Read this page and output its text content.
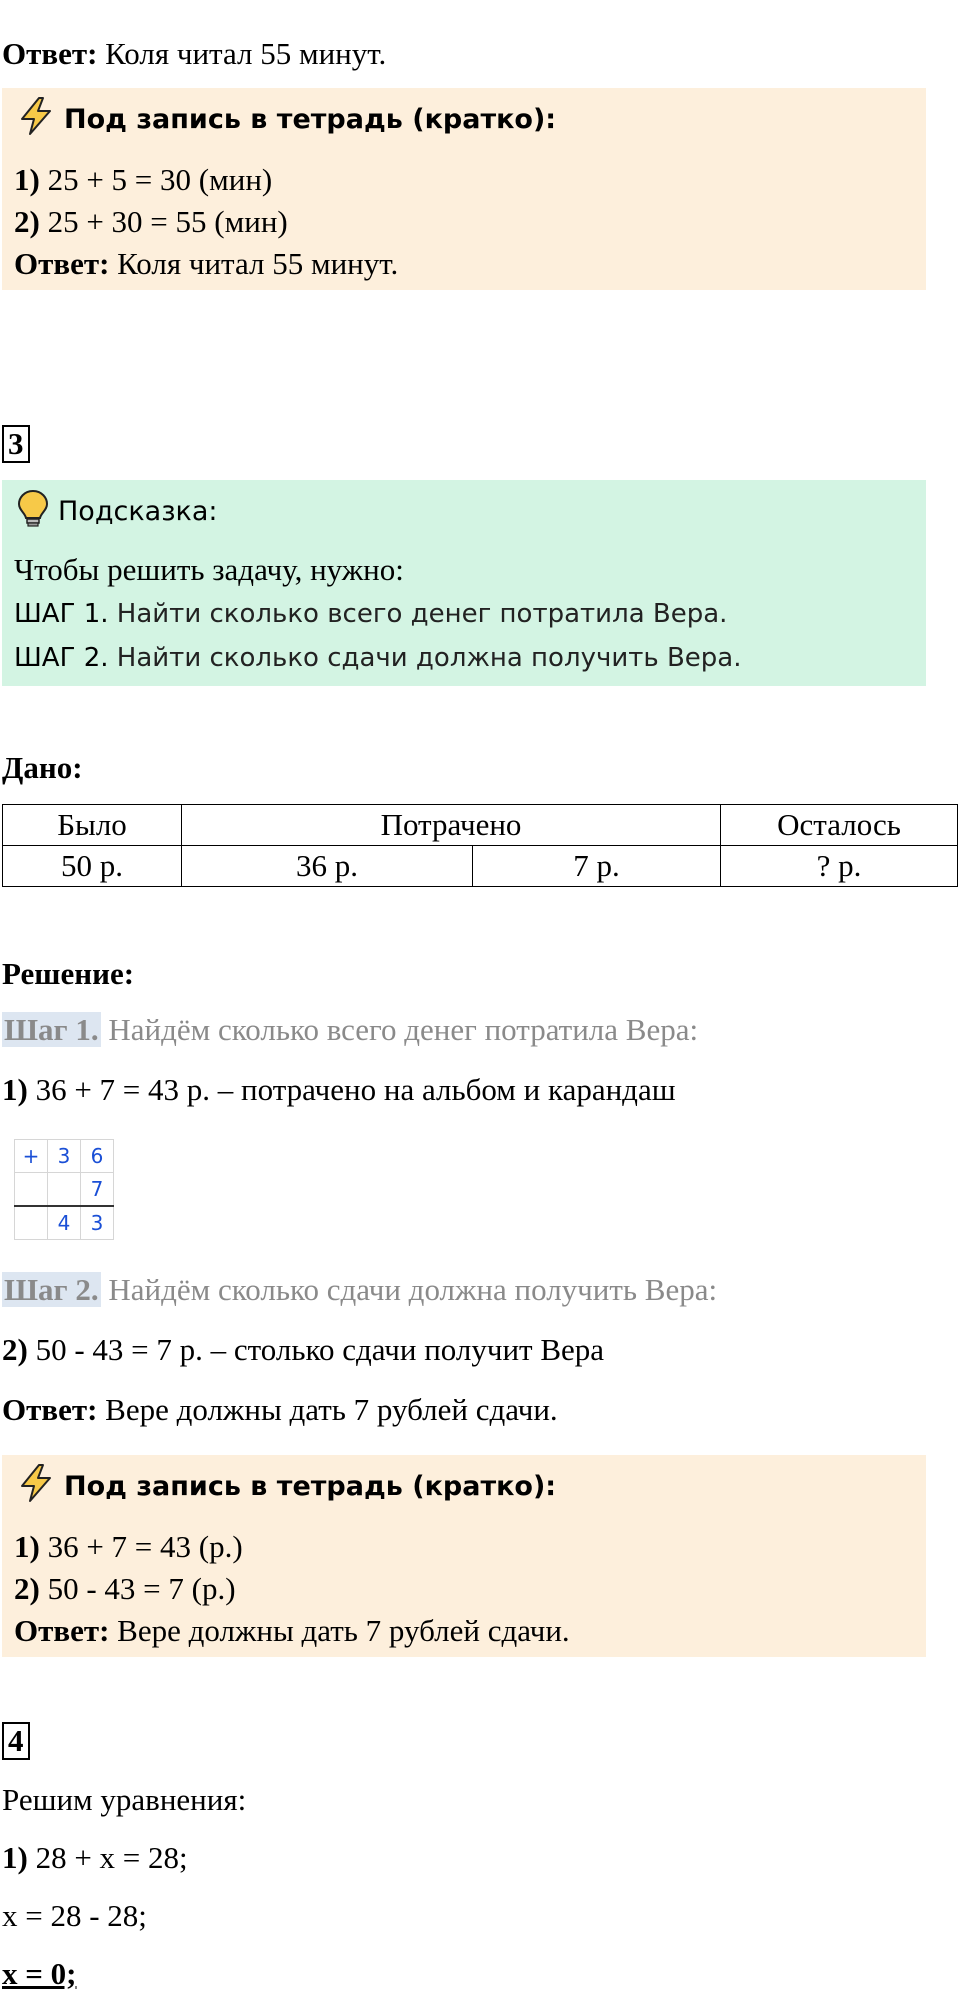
Ответ: Коля читал 55 минут.
Под запись в тетрадь (кратко):
1) 25 + 5 = 30 (мин)
2) 25 + 30 = 55 (мин)
Ответ: Коля читал 55 минут.
3
Подсказка:
Чтобы решить задачу, нужно:
ШАГ 1. Найти сколько всего денег потратила Вера.
ШАГ 2. Найти сколько сдачи должна получить Вера.
Дано:
Было	Потрачено		Осталось
50 р.	36 р.	7 р.	? р.
Решение:
Шаг 1. Найдём сколько всего денег потратила Вера:
1) 36 + 7 = 43 р. – потрачено на альбом и карандаш
+	3	6
		7
	4	3
Шаг 2. Найдём сколько сдачи должна получить Вера:
2) 50 - 43 = 7 р. – столько сдачи получит Вера
Ответ: Вере должны дать 7 рублей сдачи.
Под запись в тетрадь (кратко):
1) 36 + 7 = 43 (р.)
2) 50 - 43 = 7 (р.)
Ответ: Вере должны дать 7 рублей сдачи.
4
Решим уравнения:
1) 28 + x = 28;
x = 28 - 28;
x = 0;
